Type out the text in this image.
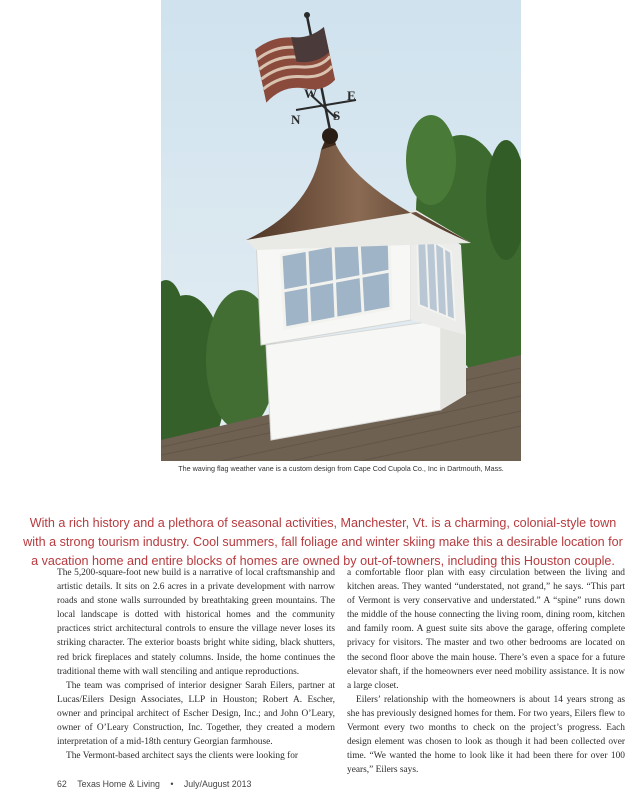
N	S
E
W
The waving flag weather vane is a custom design from Cape Cod Cupola Co., Inc in Dartmouth, Mass.
With a rich history and a plethora of seasonal activities, Manchester, Vt. is a charming, colonial-style town
with a strong tourism industry. Cool summers, fall foliage and winter skiing make this a desirable location for
a vacation home and entire blocks of homes are owned by out-of-towners, including this Houston couple.

The 5,200-square-foot new build is a narrative of local craftsmanship and artistic details. It sits on 2.6 acres in a private development with narrow roads and stone walls surrounded by breathtaking green mountains. The local landscape is dotted with historical homes and the community practices strict architectural controls to ensure the village never loses its striking character. The exterior boasts bright white siding, black shutters, red brick fireplaces and stately columns. Inside, the home continues the traditional theme with wall stenciling and antique reproductions.

The team was comprised of interior designer Sarah Eilers, partner at Lucas/Eilers Design Associates, LLP in Houston; Robert A. Escher, owner and principal architect of Escher Design, Inc.; and John O’Leary, owner of O’Leary Construction, Inc. Together, they created a modern interpretation of a mid-18th century Georgian farmhouse.

The Vermont-based architect says the clients were looking for

a comfortable floor plan with easy circulation between the living and kitchen areas. They wanted “understated, not grand,” he says. “This part of Vermont is very conservative and understated.” A “spine” runs down the middle of the house connecting the living room, dining room, kitchen and family room. A guest suite sits above the garage, offering complete privacy for visitors. The master and two other bedrooms are located on the second floor above the main house. There’s even a space for a future elevator shaft, if the homeowners ever need mobility assistance. It is now a large closet.

Eilers’ relationship with the homeowners is about 14 years strong as she has previously designed homes for them. For two years, Eilers flew to Vermont every two months to check on the project’s progress. Each design element was chosen to look as though it had been collected over time. “We wanted the home to look like it had been there for over 100 years,” Eilers says.

62 Texas Home & Living • July/August 2013
